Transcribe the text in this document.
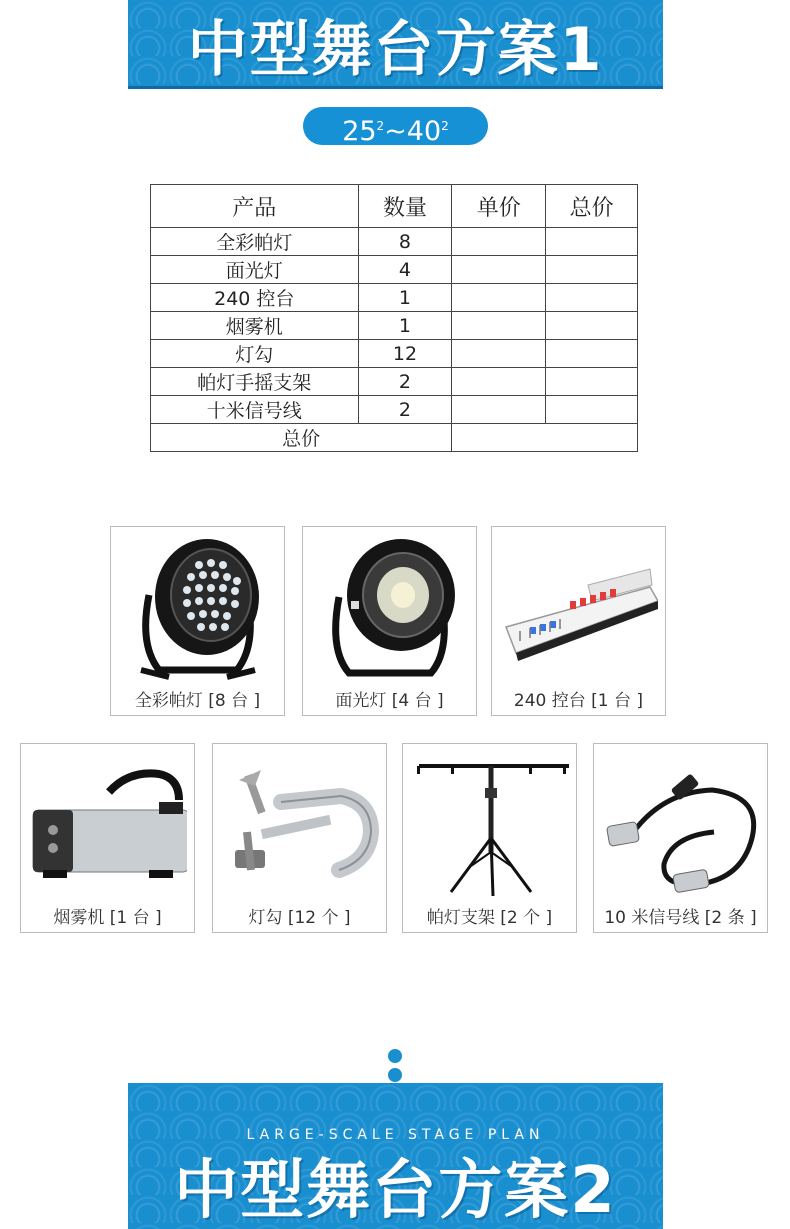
中型舞台方案1
$25^2\sim 40^2$
产品	数量	单价	总价
全彩帕灯	8		
面光灯	4		
240 控台	1		
烟雾机	1		
灯勾	12		
帕灯手摇支架	2		
十米信号线	2		
总价			
全彩帕灯 [8 台 ]	面光灯 [4 台 ]	240 控台 [1 台 ]
烟雾机 [1 台 ]	灯勾 [12 个 ]	帕灯支架 [2 个 ]	10 米信号线 [2 条 ]
LARGE-SCALE STAGE PLAN
中型舞台方案2
